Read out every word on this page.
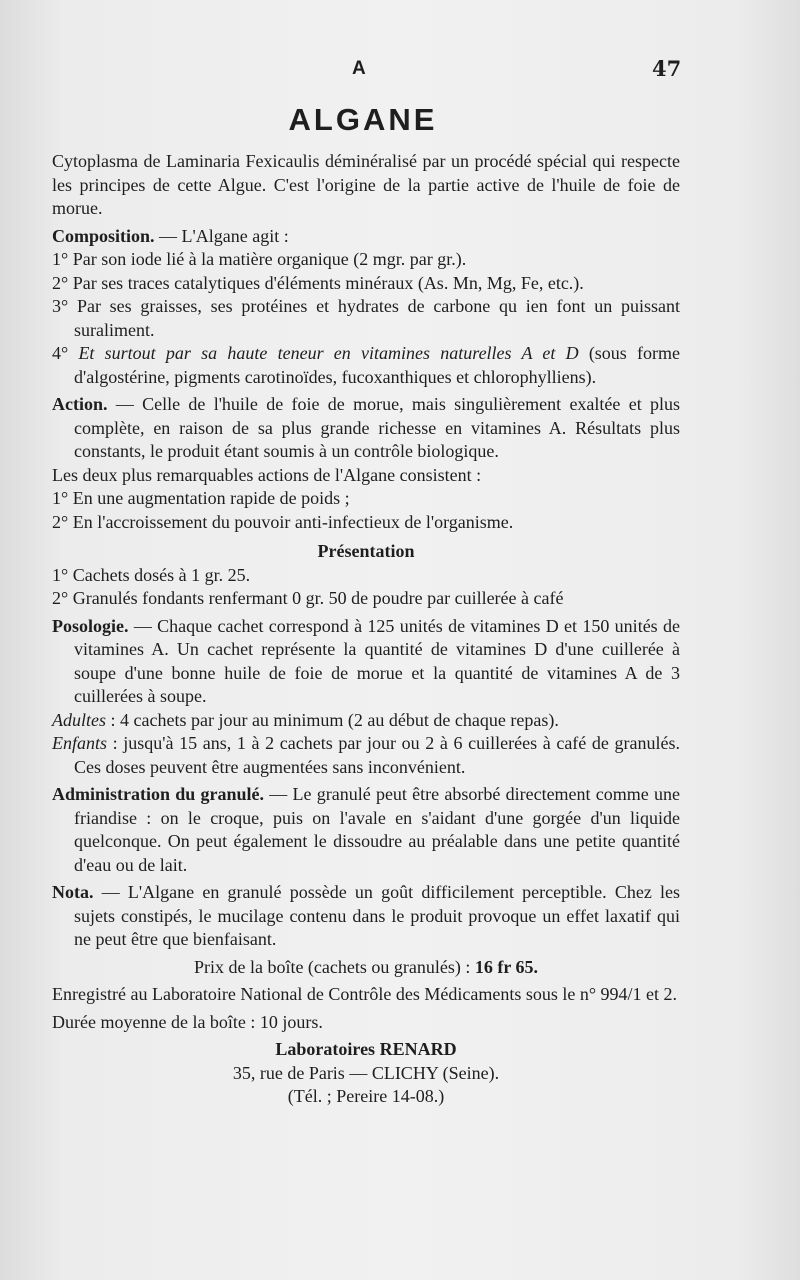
A	47
ALGANE

Cytoplasma de Laminaria Fexicaulis déminéralisé par un procédé spécial qui respecte les principes de cette Algue. C'est l'origine de la partie active de l'huile de foie de morue.

Composition. — L'Algane agit :

1° Par son iode lié à la matière organique (2 mgr. par gr.).

2° Par ses traces catalytiques d'éléments minéraux (As. Mn, Mg, Fe, etc.).

3° Par ses graisses, ses protéines et hydrates de carbone qu ien font un puissant suraliment.

4° Et surtout par sa haute teneur en vitamines naturelles A et D (sous forme d'algostérine, pigments carotinoïdes, fucoxanthiques et chlorophylliens).

Action. — Celle de l'huile de foie de morue, mais singulièrement exaltée et plus complète, en raison de sa plus grande richesse en vitamines A. Résultats plus constants, le produit étant soumis à un contrôle biologique.

Les deux plus remarquables actions de l'Algane consistent :

1° En une augmentation rapide de poids ;

2° En l'accroissement du pouvoir anti-infectieux de l'organisme.

Présentation

1° Cachets dosés à 1 gr. 25.

2° Granulés fondants renfermant 0 gr. 50 de poudre par cuillerée à café

Posologie. — Chaque cachet correspond à 125 unités de vitamines D et 150 unités de vitamines A. Un cachet représente la quantité de vitamines D d'une cuillerée à soupe d'une bonne huile de foie de morue et la quantité de vitamines A de 3 cuillerées à soupe.

Adultes : 4 cachets par jour au minimum (2 au début de chaque repas).

Enfants : jusqu'à 15 ans, 1 à 2 cachets par jour ou 2 à 6 cuillerées à café de granulés. Ces doses peuvent être augmentées sans inconvénient.

Administration du granulé. — Le granulé peut être absorbé directement comme une friandise : on le croque, puis on l'avale en s'aidant d'une gorgée d'un liquide quelconque. On peut également le dissoudre au préalable dans une petite quantité d'eau ou de lait.

Nota. — L'Algane en granulé possède un goût difficilement perceptible. Chez les sujets constipés, le mucilage contenu dans le produit provoque un effet laxatif qui ne peut être que bienfaisant.

Prix de la boîte (cachets ou granulés) : 16 fr 65.

Enregistré au Laboratoire National de Contrôle des Médicaments sous le n° 994/1 et 2.

Durée moyenne de la boîte : 10 jours.

Laboratoires RENARD

35, rue de Paris — CLICHY (Seine).

(Tél. ; Pereire 14-08.)
